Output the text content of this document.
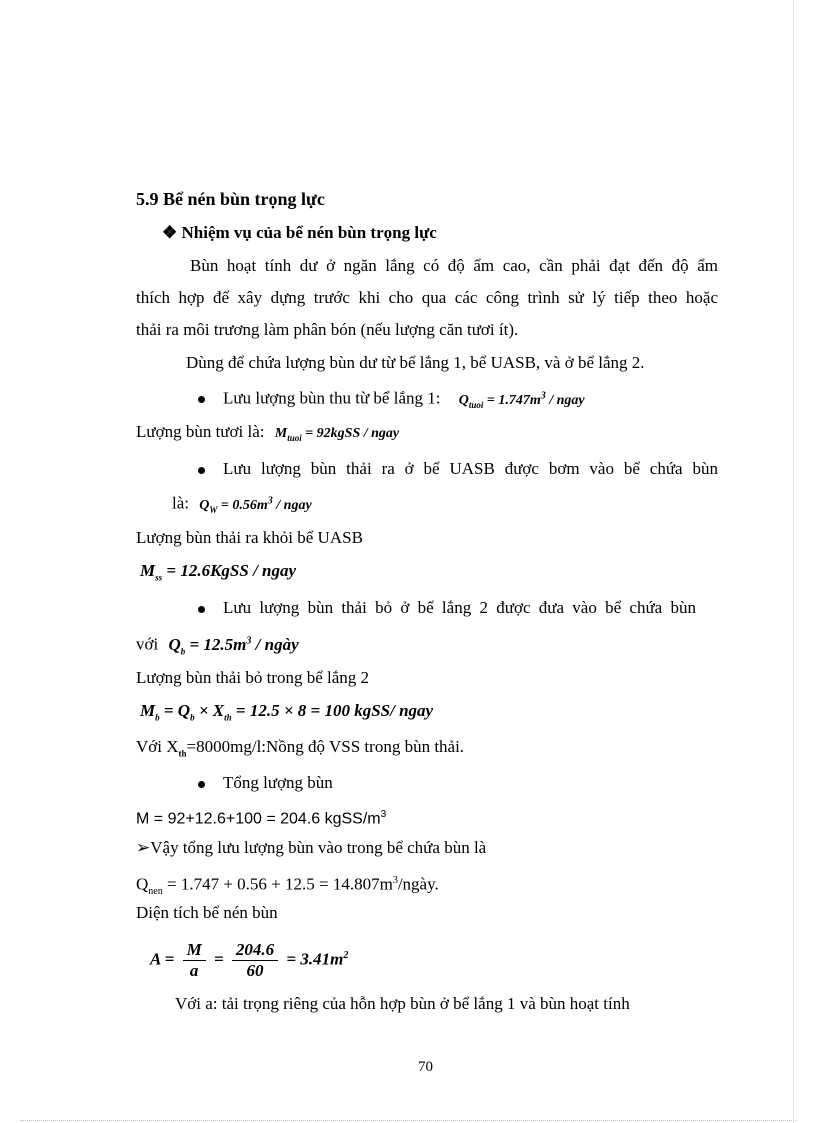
5.9 Bể nén bùn trọng lực
❖ Nhiệm vụ của bể nén bùn trọng lực
Bùn hoạt tính dư ở ngăn lắng có độ ẩm cao, cần phải đạt đến độ ẩm
thích hợp để xây dựng trước khi cho qua các công trình sử lý tiếp theo hoặc
thải ra môi trương làm phân bón (nếu lượng căn tươi ít).
Dùng để chứa lượng bùn dư từ bể lắng 1, bể UASB, và ở bể lắng 2.
Lưu lượng bùn thu từ bể lắng 1: $Q_{tuoi} = 1.747m^3$ / ngay
Lượng bùn tươi là: $M_{tuoi}$ = 92kgSS / ngay
Lưu lượng bùn thải ra ở bể UASB được bơm vào bể chứa bùn
là: $Q_W = 0.56m^3$ / ngay
Lượng bùn thải ra khỏi bể UASB
$M_{ss}$ = 12.6KgSS / ngay
Lưu lượng bùn thải bỏ ở bể lắng 2 được đưa vào bể chứa bùn
với $Q_b = 12.5m^3$ / ngày
Lượng bùn thải bỏ trong bể lắng 2
$M_b = Q_b \times X_{th} = 12.5 \times 8 = 100$ kgSS/ ngay
Với $X_{th}=8000mg/l:Nồng$ độ VSS trong bùn thải.
Tổng lượng bùn
M = 92+12.6+100 = 204.6 kgSS/$m^3$
➢Vậy tổng lưu lượng bùn vào trong bể chứa bùn là
$Q_{nen} = 1.747 + 0.56 + 12.5$ = $14.807m^3$/ngày.
Diện tích bể nén bùn
$A = \frac{M}{a} = \frac{204.6}{60} = 3.41m^2$
Với a: tải trọng riêng của hỗn hợp bùn ở bể lắng 1 và bùn hoạt tính
70
